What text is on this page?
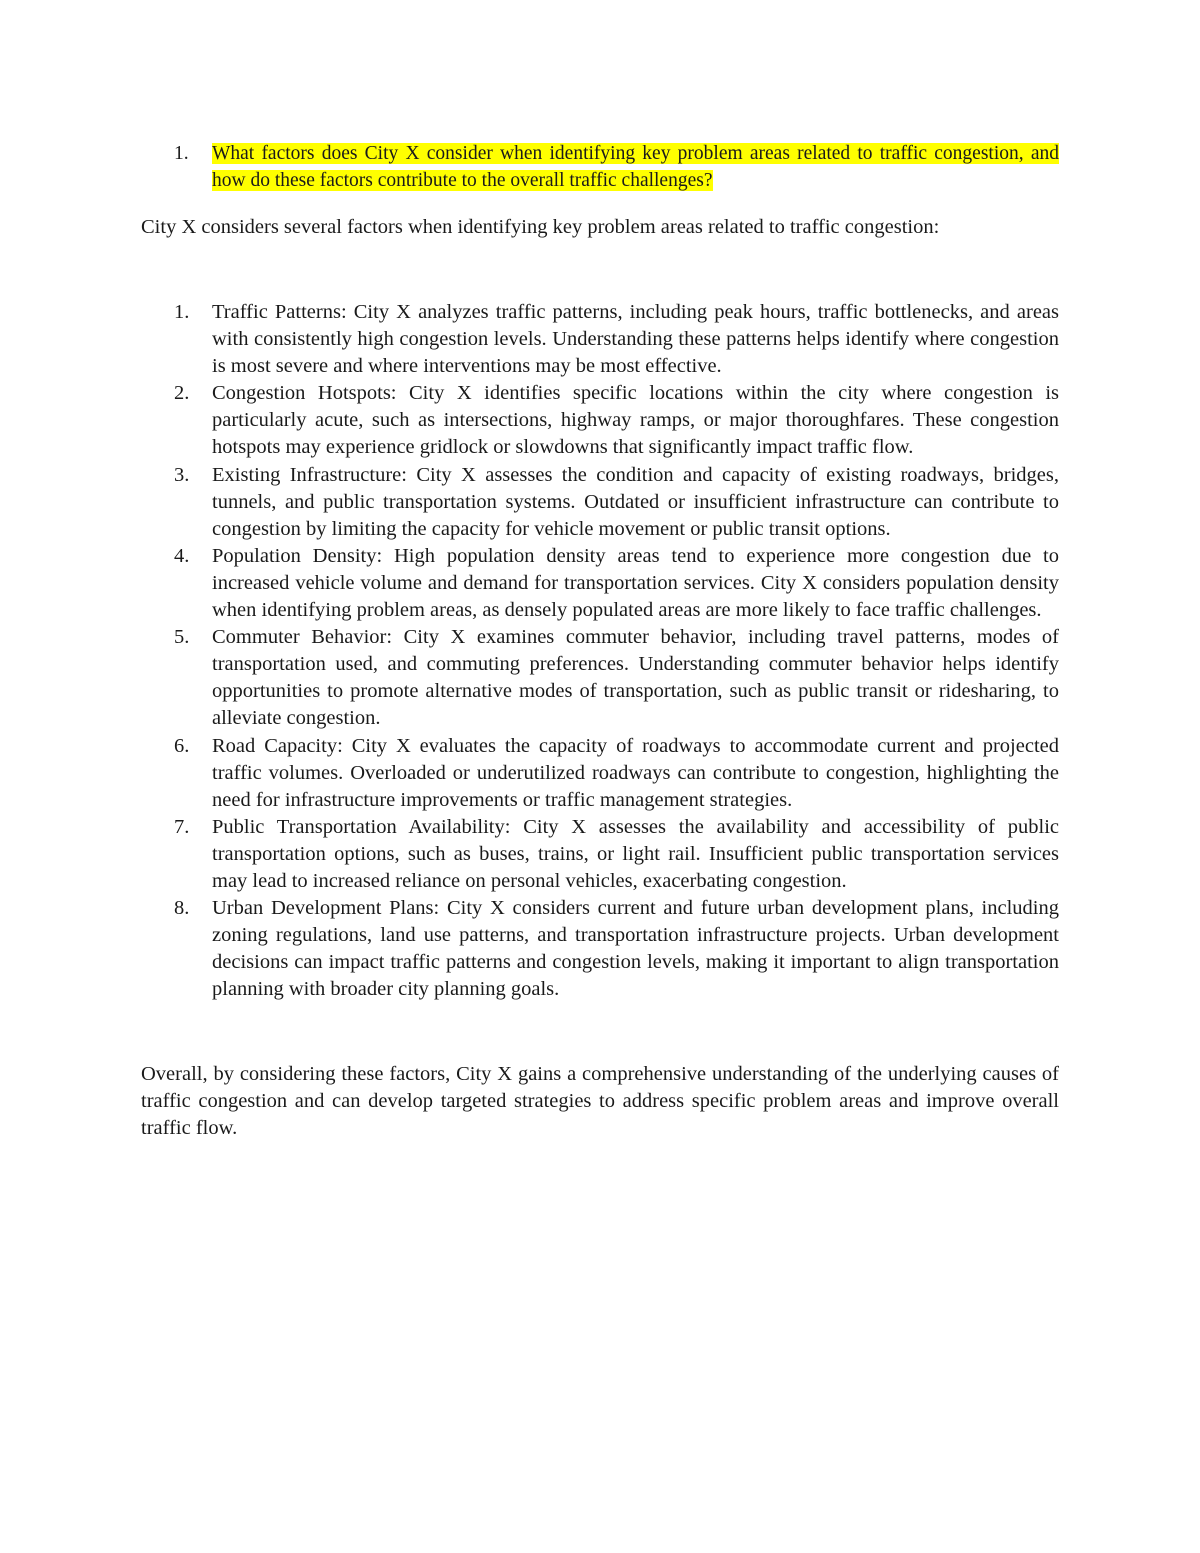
1. What factors does City X consider when identifying key problem areas related to traffic congestion, and how do these factors contribute to the overall traffic challenges?

City X considers several factors when identifying key problem areas related to traffic congestion:

1. Traffic Patterns: City X analyzes traffic patterns, including peak hours, traffic bottlenecks, and areas with consistently high congestion levels. Understanding these patterns helps identify where congestion is most severe and where interventions may be most effective.
2. Congestion Hotspots: City X identifies specific locations within the city where congestion is particularly acute, such as intersections, highway ramps, or major thoroughfares. These congestion hotspots may experience gridlock or slowdowns that significantly impact traffic flow.
3. Existing Infrastructure: City X assesses the condition and capacity of existing roadways, bridges, tunnels, and public transportation systems. Outdated or insufficient infrastructure can contribute to congestion by limiting the capacity for vehicle movement or public transit options.
4. Population Density: High population density areas tend to experience more congestion due to increased vehicle volume and demand for transportation services. City X considers population density when identifying problem areas, as densely populated areas are more likely to face traffic challenges.
5. Commuter Behavior: City X examines commuter behavior, including travel patterns, modes of transportation used, and commuting preferences. Understanding commuter behavior helps identify opportunities to promote alternative modes of transportation, such as public transit or ridesharing, to alleviate congestion.
6. Road Capacity: City X evaluates the capacity of roadways to accommodate current and projected traffic volumes. Overloaded or underutilized roadways can contribute to congestion, highlighting the need for infrastructure improvements or traffic management strategies.
7. Public Transportation Availability: City X assesses the availability and accessibility of public transportation options, such as buses, trains, or light rail. Insufficient public transportation services may lead to increased reliance on personal vehicles, exacerbating congestion.
8. Urban Development Plans: City X considers current and future urban development plans, including zoning regulations, land use patterns, and transportation infrastructure projects. Urban development decisions can impact traffic patterns and congestion levels, making it important to align transportation planning with broader city planning goals.

Overall, by considering these factors, City X gains a comprehensive understanding of the underlying causes of traffic congestion and can develop targeted strategies to address specific problem areas and improve overall traffic flow.
